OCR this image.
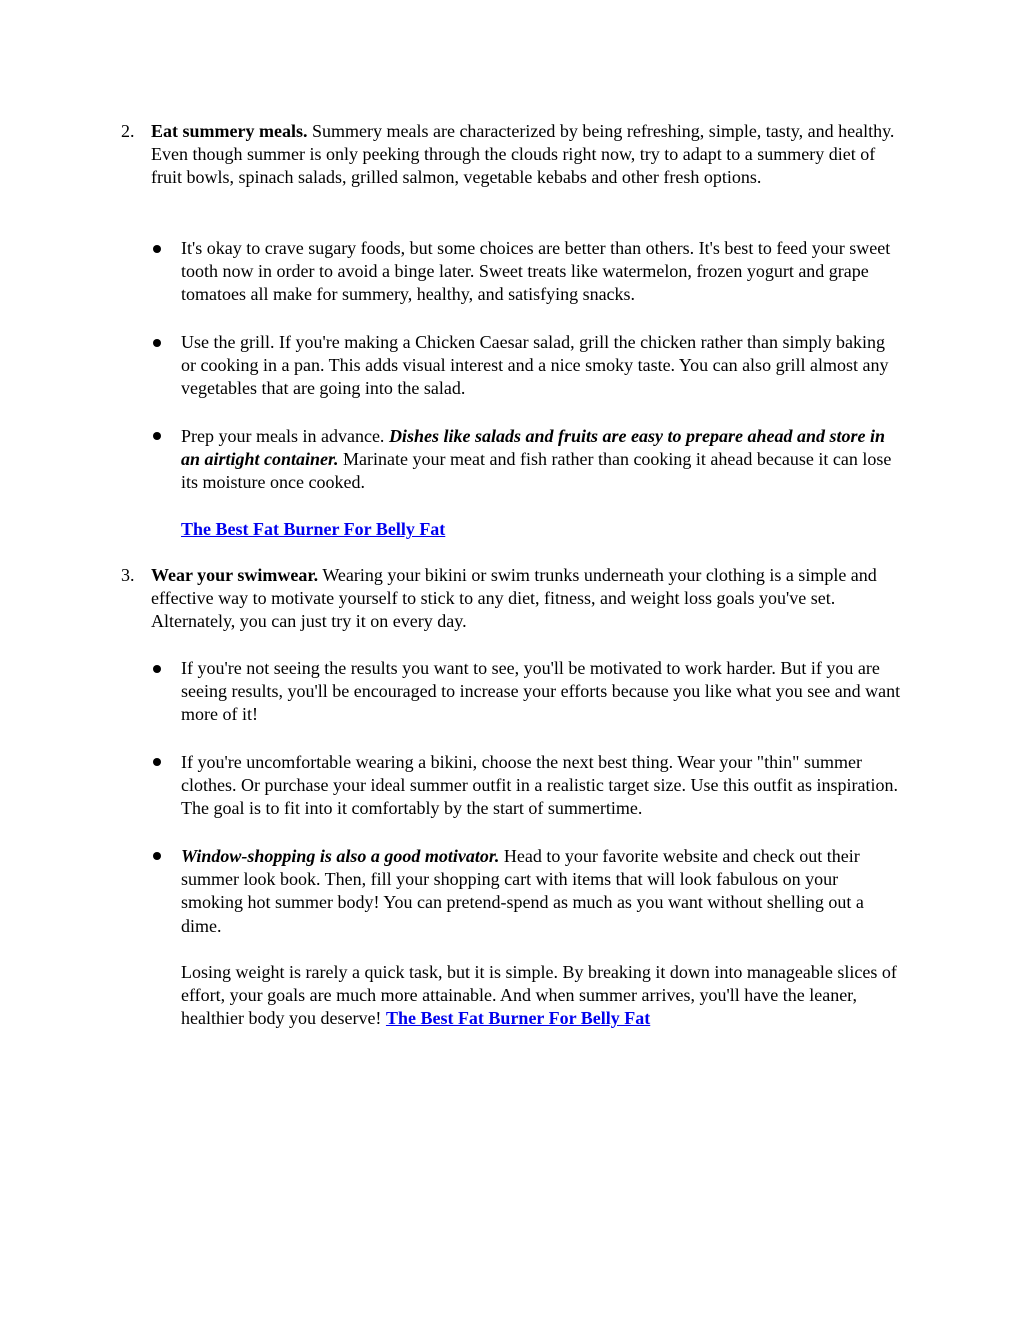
2. Eat summery meals. Summery meals are characterized by being refreshing, simple, tasty, and healthy. Even though summer is only peeking through the clouds right now, try to adapt to a summery diet of fruit bowls, spinach salads, grilled salmon, vegetable kebabs and other fresh options.

It's okay to crave sugary foods, but some choices are better than others. It's best to feed your sweet tooth now in order to avoid a binge later. Sweet treats like watermelon, frozen yogurt and grape tomatoes all make for summery, healthy, and satisfying snacks.

Use the grill. If you're making a Chicken Caesar salad, grill the chicken rather than simply baking or cooking in a pan. This adds visual interest and a nice smoky taste. You can also grill almost any vegetables that are going into the salad.

Prep your meals in advance. Dishes like salads and fruits are easy to prepare ahead and store in an airtight container. Marinate your meat and fish rather than cooking it ahead because it can lose its moisture once cooked.

The Best Fat Burner For Belly Fat

3. Wear your swimwear. Wearing your bikini or swim trunks underneath your clothing is a simple and effective way to motivate yourself to stick to any diet, fitness, and weight loss goals you've set. Alternately, you can just try it on every day.

If you're not seeing the results you want to see, you'll be motivated to work harder. But if you are seeing results, you'll be encouraged to increase your efforts because you like what you see and want more of it!

If you're uncomfortable wearing a bikini, choose the next best thing. Wear your "thin" summer clothes. Or purchase your ideal summer outfit in a realistic target size. Use this outfit as inspiration. The goal is to fit into it comfortably by the start of summertime.

Window-shopping is also a good motivator. Head to your favorite website and check out their summer look book. Then, fill your shopping cart with items that will look fabulous on your smoking hot summer body! You can pretend-spend as much as you want without shelling out a dime.

Losing weight is rarely a quick task, but it is simple. By breaking it down into manageable slices of effort, your goals are much more attainable. And when summer arrives, you'll have the leaner, healthier body you deserve! The Best Fat Burner For Belly Fat
